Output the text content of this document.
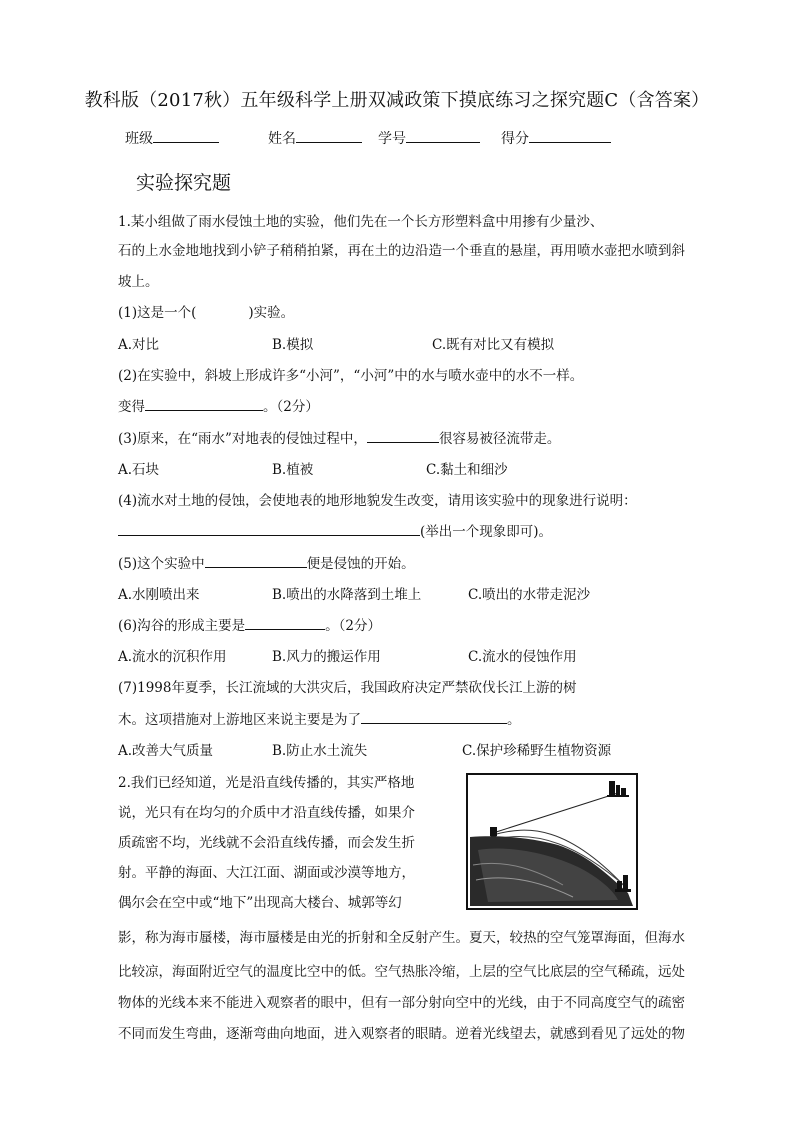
教科版（2017秋）五年级科学上册双减政策下摸底练习之探究题C（含答案）
班级	姓名	学号	得分
实验探究题
1.某小组做了雨水侵蚀土地的实验，他们先在一个长方形塑料盒中用掺有少量沙、
石的上水金地地找到小铲子稍稍拍紧，再在土的边沿造一个垂直的悬崖，再用喷水壶把水喷到斜
坡上。
(1)这是一个(	)实验。
A.对比	B.模拟	C.既有对比又有模拟
(2)在实验中，斜坡上形成许多“小河”，“小河”中的水与喷水壶中的水不一样。
变得	。（2分）
(3)原来，在“雨水”对地表的侵蚀过程中，	很容易被径流带走。
A.石块	B.植被	C.黏土和细沙
(4)流水对土地的侵蚀，会使地表的地形地貌发生改变，请用该实验中的现象进行说明：
(举出一个现象即可)。
(5)这个实验中	便是侵蚀的开始。
A.水刚喷出来	B.喷出的水降落到土堆上	C.喷出的水带走泥沙
(6)沟谷的形成主要是	。（2分）
A.流水的沉积作用	B.风力的搬运作用	C.流水的侵蚀作用
(7)1998年夏季，长江流域的大洪灾后，我国政府决定严禁砍伐长江上游的树
木。这项措施对上游地区来说主要是为了	。
A.改善大气质量	B.防止水土流失	C.保护珍稀野生植物资源
2.我们已经知道，光是沿直线传播的，其实严格地
说，光只有在均匀的介质中才沿直线传播，如果介
质疏密不均，光线就不会沿直线传播，而会发生折
射。平静的海面、大江江面、湖面或沙漠等地方，
偶尔会在空中或“地下”出现高大楼台、城郭等幻
影，称为海市蜃楼，海市蜃楼是由光的折射和全反射产生。夏天，较热的空气笼罩海面，但海水
比较凉，海面附近空气的温度比空中的低。空气热胀冷缩，上层的空气比底层的空气稀疏，远处
物体的光线本来不能进入观察者的眼中，但有一部分射向空中的光线，由于不同高度空气的疏密
不同而发生弯曲，逐渐弯曲向地面，进入观察者的眼睛。逆着光线望去，就感到看见了远处的物
